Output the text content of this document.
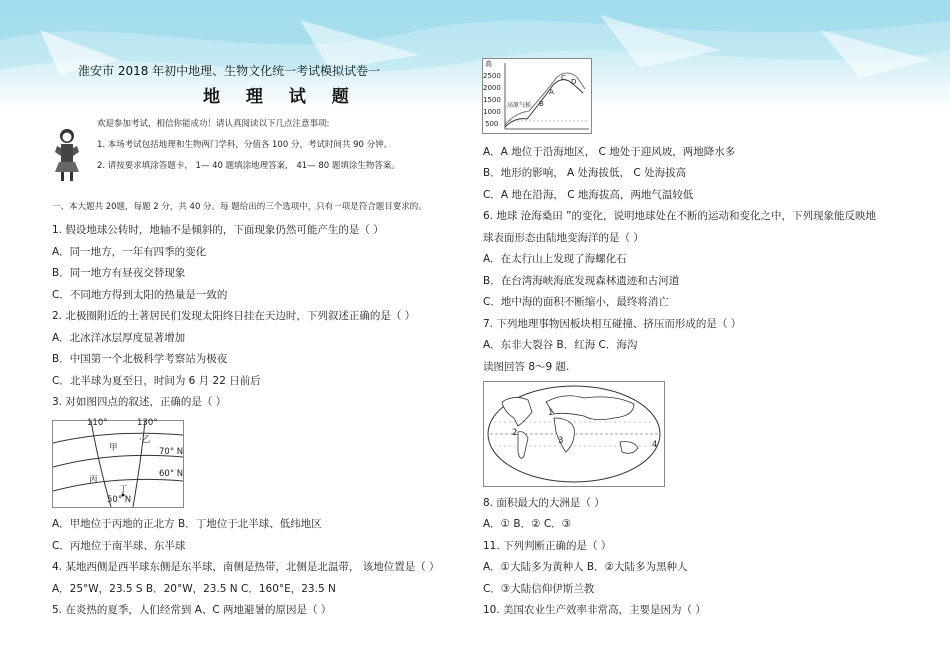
淮安市 2018 年初中地理、生物文化统一考试模拟试卷一
地 理 试 题
欢迎参加考试，相信你能成功！请认真阅读以下几点注意事项:
1. 本场考试包括地理和生物两门学科，分值各 100 分，考试时间共 90 分钟。
2. 请按要求填涂答题卡， 1— 40 题填涂地理答案， 41— 80 题填涂生物答案。
一、本大题共 20题，每题 2 分，共 40 分。每 题给出的三个选项中，只有一项是符合题目要求的。
1. 假设地球公转时，地轴不是倾斜的，下面现象仍然可能产生的是（ ）
A．同一地方，一年有四季的变化
B．同一地方有昼夜交替现象
C．不同地方得到太阳的热量是一致的
2. 北极圈附近的土著居民们发现太阳终日挂在天边时，下列叙述正确的是（ ）
A．北冰洋冰层厚度显著增加
B．中国第一个北极科学考察站为极夜
C．北半球为夏至日，时间为 6 月 22 日前后
3. 对如图四点的叙述，正确的是（ ）
110°	130°
70° N
60° N
50° N
甲
·乙
丙
丁
A．甲地位于丙地的正北方 B．丁地位于北半球、低纬地区
C．丙地位于南半球、东半球
4. 某地西侧是西半球东侧是东半球，南侧是热带，北侧是北温带， 该地位置是（ ）
A．25°W，23.5 S B．20°W，23.5 N C．160°E，23.5 N
5. 在炎热的夏季，人们经常到 A、C 两地避暑的原因是（ ）
高
2500
2000
1500
1000
500
高原气候
A
C D
B
A．A 地位于沿海地区， C 地处于迎风坡，两地降水多
B．地形的影响， A 处海拔低， C 处海拔高
C．A 地在沿海， C 地海拔高，两地气温较低
6. 地球 沧海桑田 ”的变化，说明地球处在不断的运动和变化之中，下列现象能反映地
球表面形态由陆地变海洋的是（ ）
A．在太行山上发现了海螺化石
B．在台湾海峡海底发现森林遗迹和古河道
C．地中海的面积不断缩小，最终将消亡
7. 下列地理事物因板块相互碰撞、挤压而形成的是（ ）
A．东非大裂谷 B．红海 C．海沟
读图回答 8～9 题.
1
2
3	4
8. 面积最大的大洲是（ ）
A．① B．② C．③
11. 下列判断正确的是（ ）
A．①大陆多为黄种人 B．②大陆多为黑种人
C．③大陆信仰伊斯兰教
10. 美国农业生产效率非常高，主要是因为（ ）
